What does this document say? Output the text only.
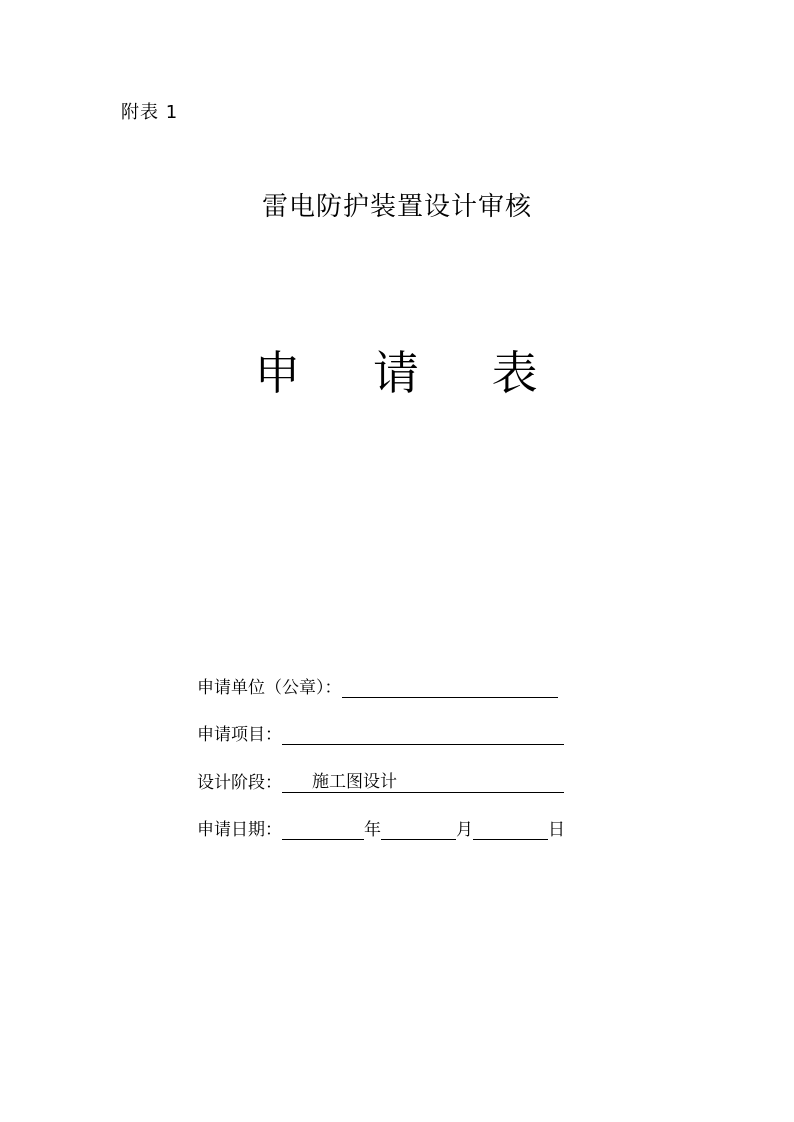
附表 1
雷电防护装置设计审核
申 请 表
申请单位（公章）：
申请项目：
设计阶段： 施工图设计
申请日期：	年	月	日
